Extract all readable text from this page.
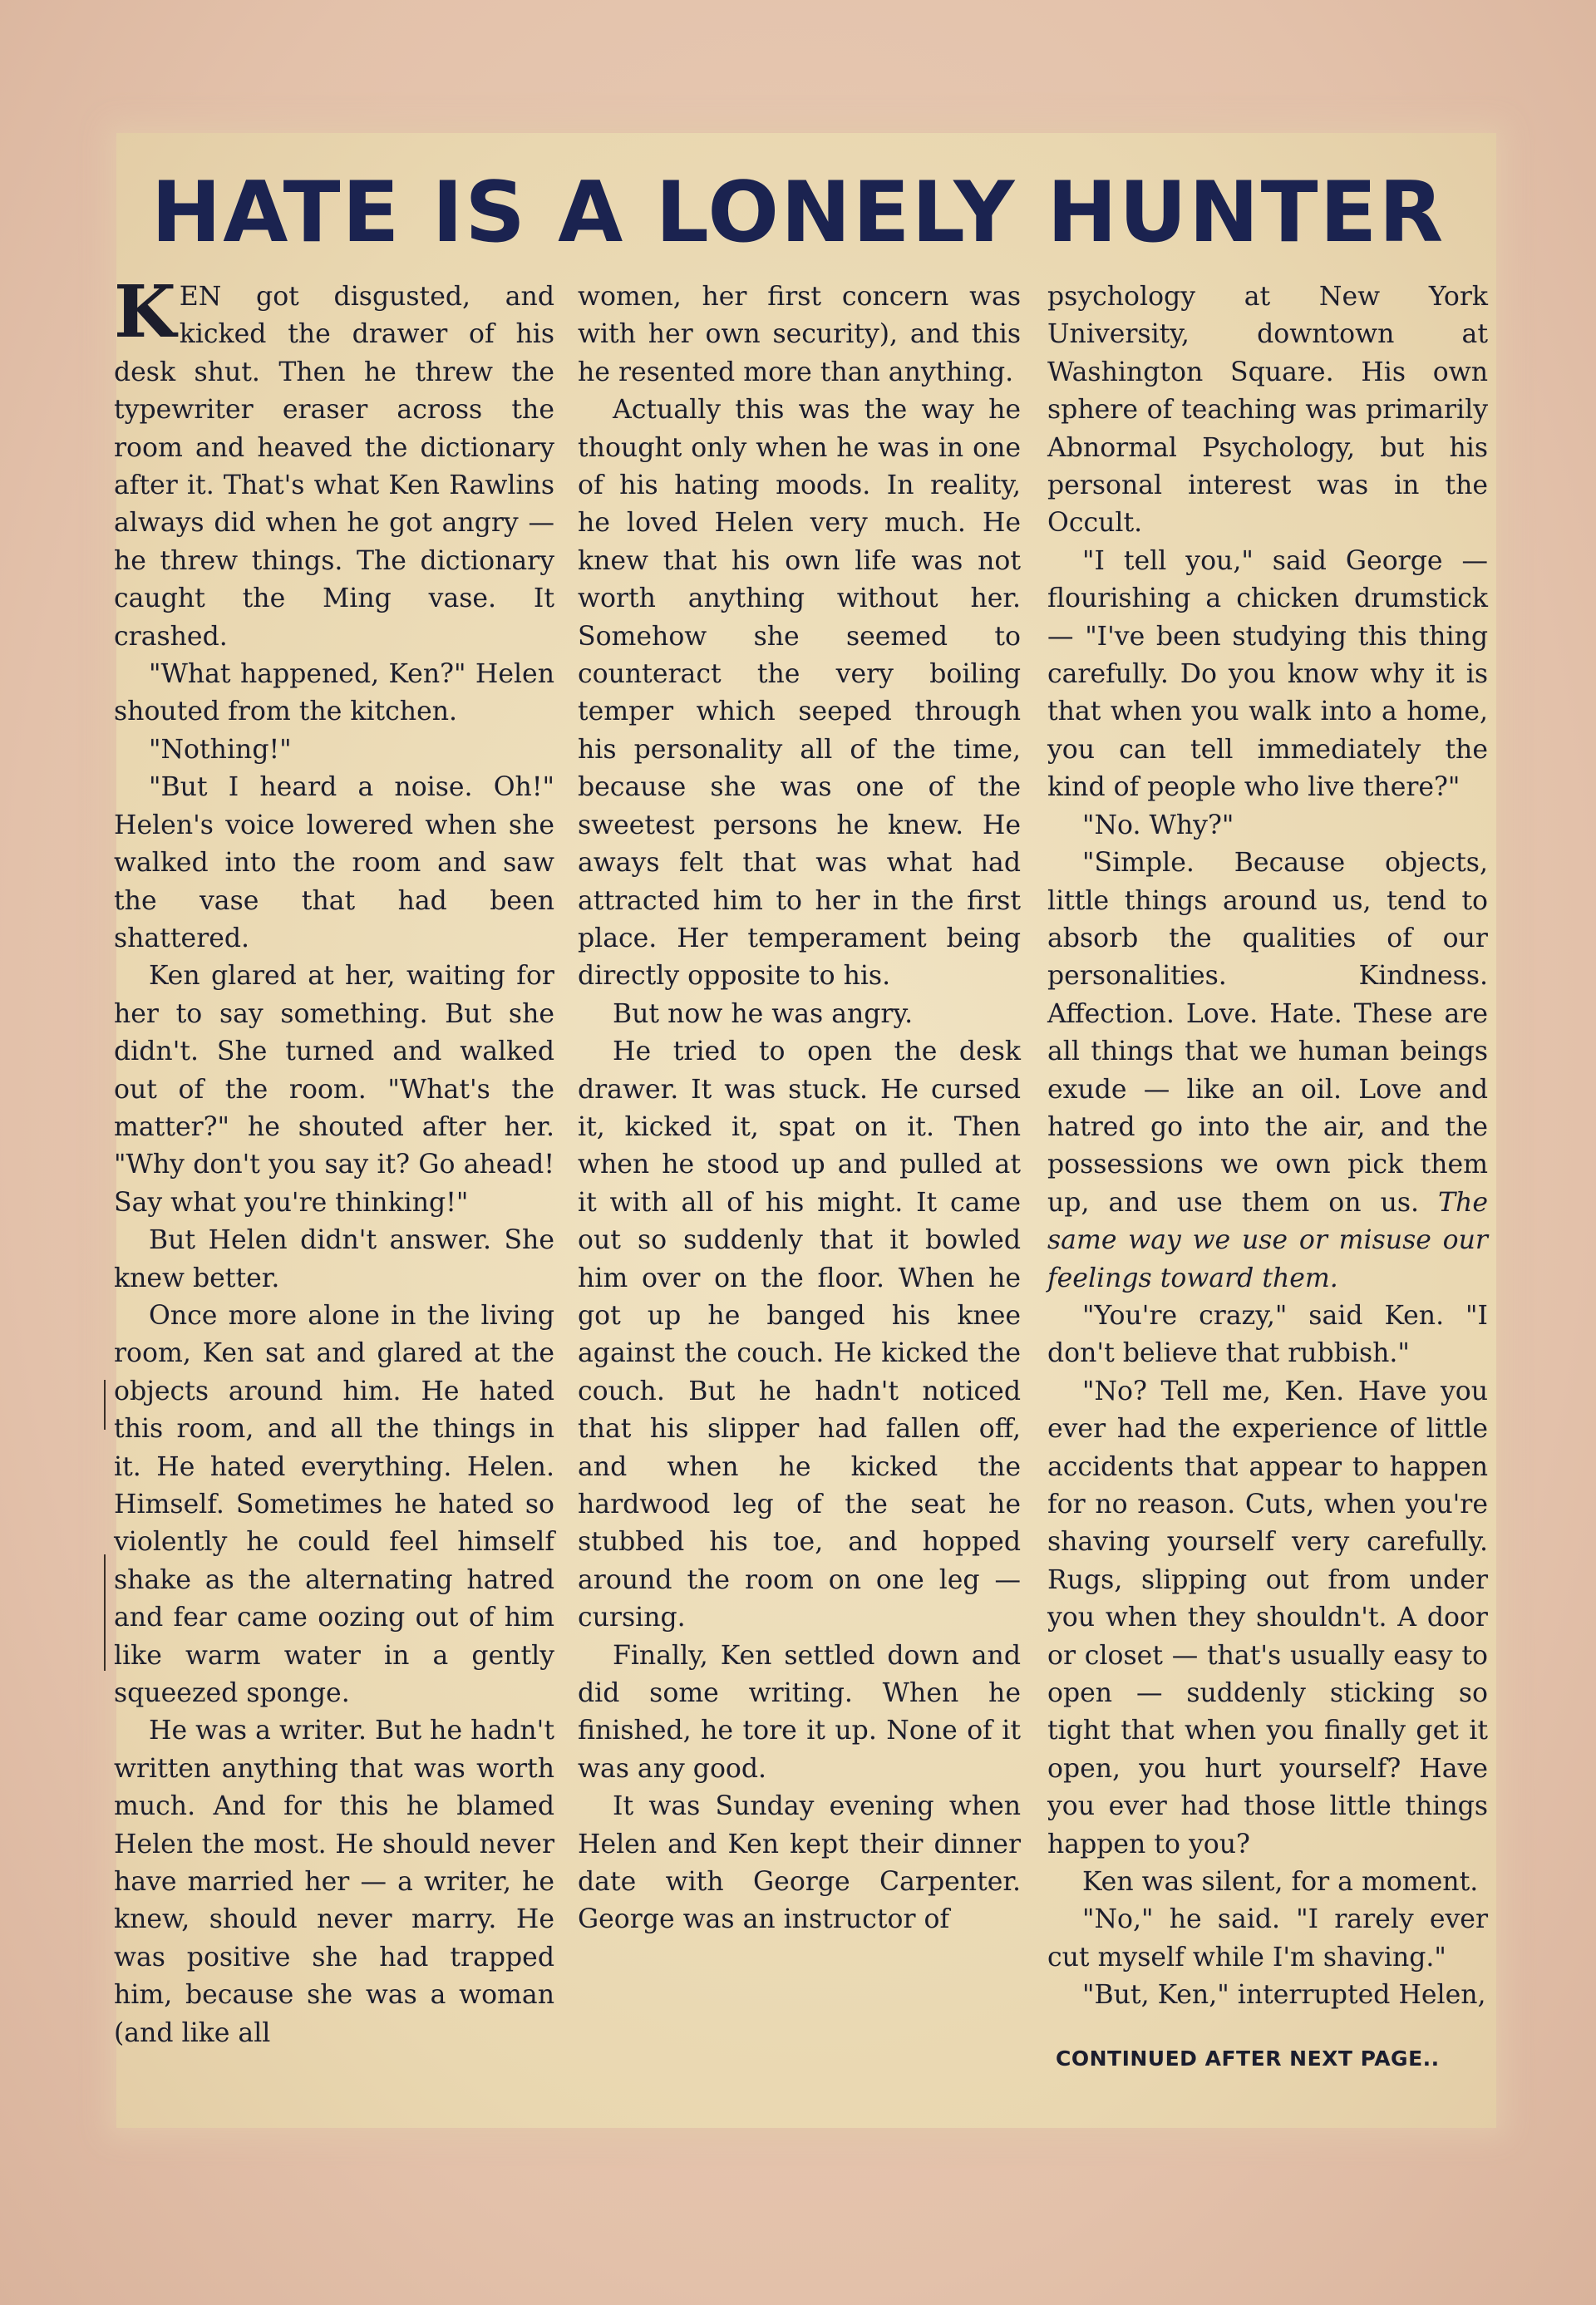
HATE IS A LONELY HUNTER

KEN got disgusted, and kicked the drawer of his desk shut. Then he threw the typewriter eraser across the room and heaved the dictionary after it. That's what Ken Rawlins always did when he got angry — he threw things. The dictionary caught the Ming vase. It crashed.

"What happened, Ken?" Helen shouted from the kitchen.

"Nothing!"

"But I heard a noise. Oh!" Helen's voice lowered when she walked into the room and saw the vase that had been shattered.

Ken glared at her, waiting for her to say something. But she didn't. She turned and walked out of the room. "What's the matter?" he shouted after her. "Why don't you say it? Go ahead! Say what you're thinking!"

But Helen didn't answer. She knew better.

Once more alone in the living room, Ken sat and glared at the objects around him. He hated this room, and all the things in it. He hated everything. Helen. Himself. Sometimes he hated so violently he could feel himself shake as the alternating hatred and fear came oozing out of him like warm water in a gently squeezed sponge.

He was a writer. But he hadn't written anything that was worth much. And for this he blamed Helen the most. He should never have married her — a writer, he knew, should never marry. He was positive she had trapped him, because she was a woman (and like all

women, her first concern was with her own security), and this he resented more than anything.

Actually this was the way he thought only when he was in one of his hating moods. In reality, he loved Helen very much. He knew that his own life was not worth anything without her. Somehow she seemed to counteract the very boiling temper which seeped through his personality all of the time, because she was one of the sweetest persons he knew. He aways felt that was what had attracted him to her in the first place. Her temperament being directly opposite to his.

But now he was angry.

He tried to open the desk drawer. It was stuck. He cursed it, kicked it, spat on it. Then when he stood up and pulled at it with all of his might. It came out so suddenly that it bowled him over on the floor. When he got up he banged his knee against the couch. He kicked the couch. But he hadn't noticed that his slipper had fallen off, and when he kicked the hardwood leg of the seat he stubbed his toe, and hopped around the room on one leg — cursing.

Finally, Ken settled down and did some writing. When he finished, he tore it up. None of it was any good.

It was Sunday evening when Helen and Ken kept their dinner date with George Carpenter. George was an instructor of

psychology at New York University, downtown at Washington Square. His own sphere of teaching was primarily Abnormal Psychology, but his personal interest was in the Occult.

"I tell you," said George — flourishing a chicken drumstick — "I've been studying this thing carefully. Do you know why it is that when you walk into a home, you can tell immediately the kind of people who live there?"

"No. Why?"

"Simple. Because objects, little things around us, tend to absorb the qualities of our personalities. Kindness. Affection. Love. Hate. These are all things that we human beings exude — like an oil. Love and hatred go into the air, and the possessions we own pick them up, and use them on us. The same way we use or misuse our feelings toward them.

"You're crazy," said Ken. "I don't believe that rubbish."

"No? Tell me, Ken. Have you ever had the experience of little accidents that appear to happen for no reason. Cuts, when you're shaving yourself very carefully. Rugs, slipping out from under you when they shouldn't. A door or closet — that's usually easy to open — suddenly sticking so tight that when you finally get it open, you hurt yourself? Have you ever had those little things happen to you?

Ken was silent, for a moment.

"No," he said. "I rarely ever cut myself while I'm shaving."

"But, Ken," interrupted Helen,

CONTINUED AFTER NEXT PAGE..
